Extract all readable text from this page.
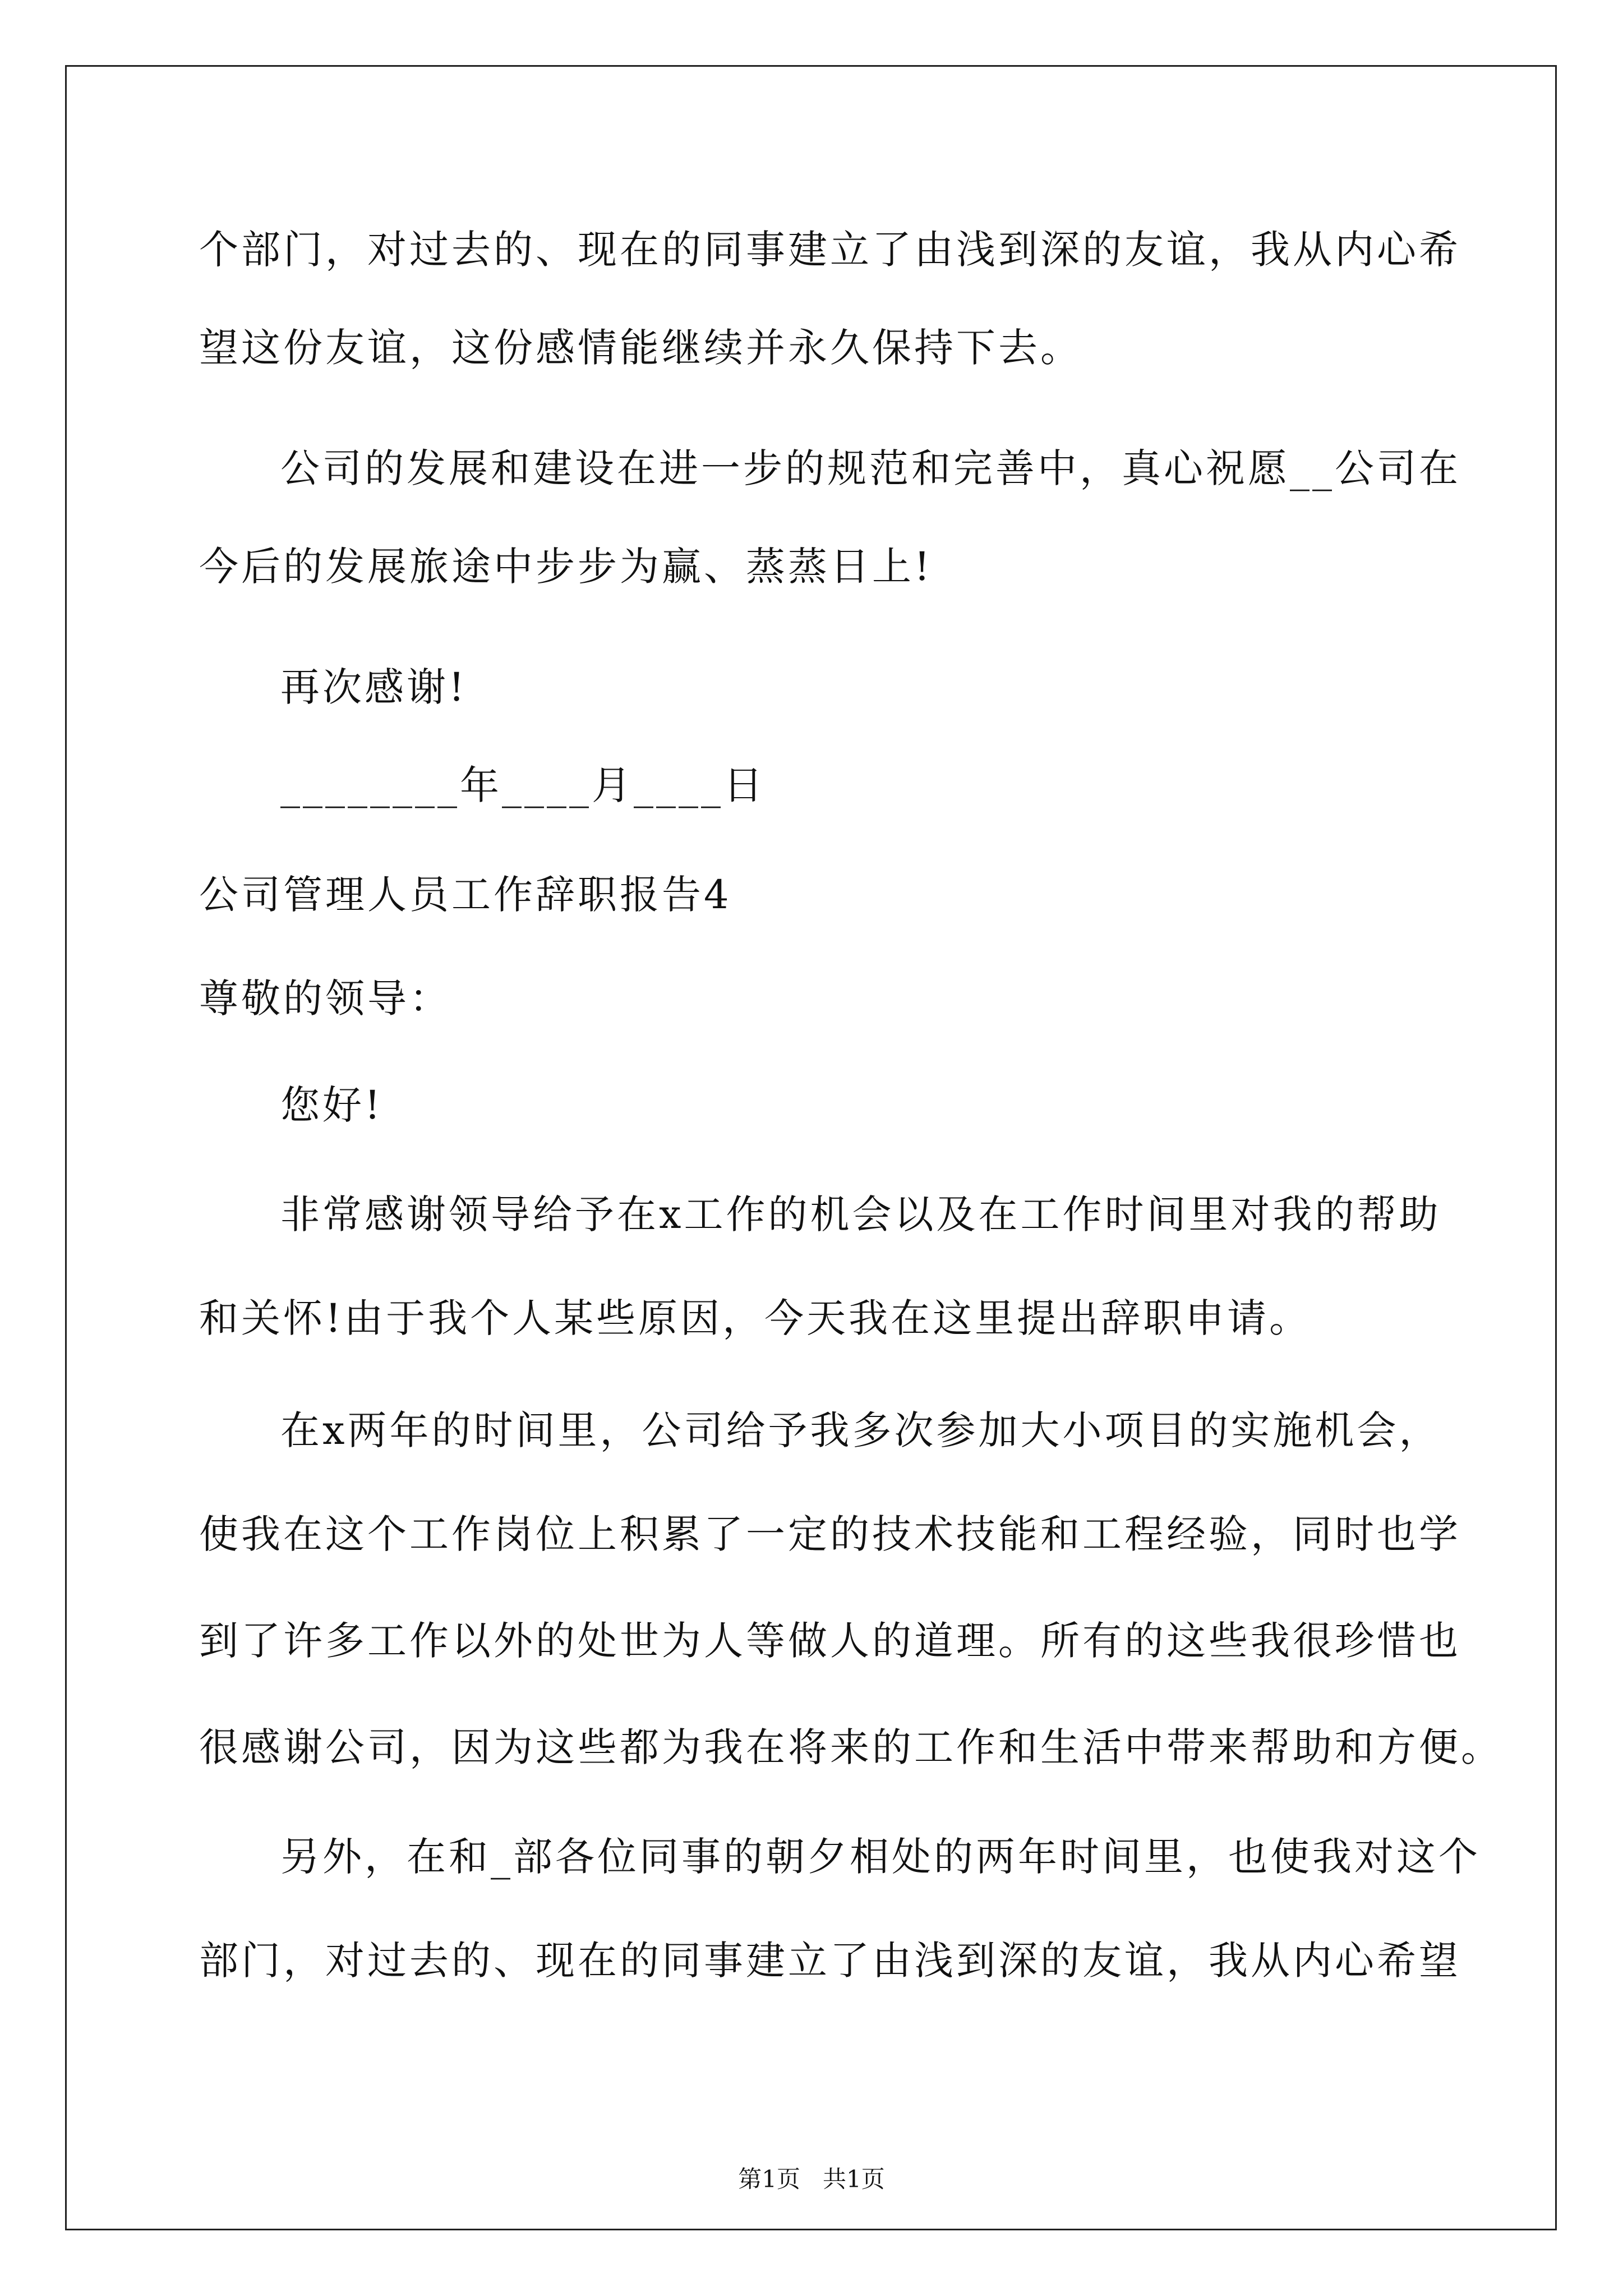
个部门，对过去的、现在的同事建立了由浅到深的友谊，我从内心希
望这份友谊，这份感情能继续并永久保持下去。
公司的发展和建设在进一步的规范和完善中，真心祝愿__公司在
今后的发展旅途中步步为赢、蒸蒸日上!
再次感谢!
________年____月____日
公司管理人员工作辞职报告4
尊敬的领导：
您好!
非常感谢领导给予在x工作的机会以及在工作时间里对我的帮助
和关怀!由于我个人某些原因，今天我在这里提出辞职申请。
在x两年的时间里，公司给予我多次参加大小项目的实施机会，
使我在这个工作岗位上积累了一定的技术技能和工程经验，同时也学
到了许多工作以外的处世为人等做人的道理。所有的这些我很珍惜也
很感谢公司，因为这些都为我在将来的工作和生活中带来帮助和方便。
另外，在和_部各位同事的朝夕相处的两年时间里，也使我对这个
部门，对过去的、现在的同事建立了由浅到深的友谊，我从内心希望
第1页   共1页
